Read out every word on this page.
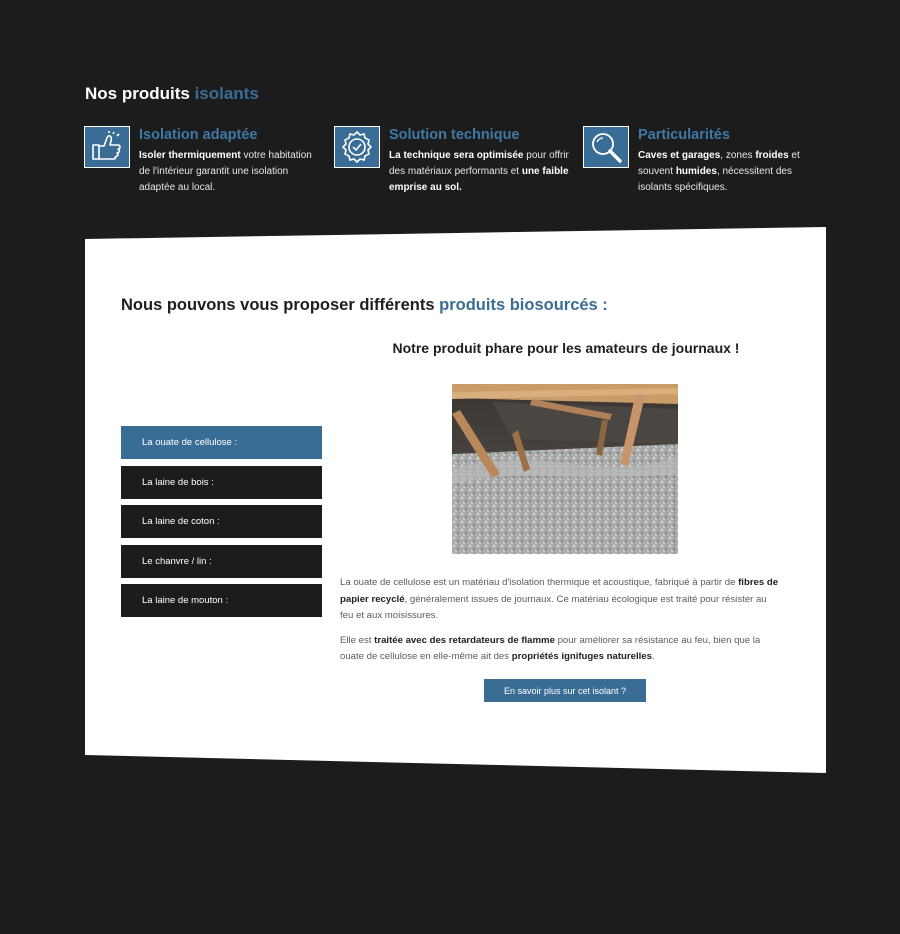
Nos produits isolants
Isolation adaptée
Isoler thermiquement votre habitation de l'intérieur garantit une isolation adaptée au local.
Solution technique
La technique sera optimisée pour offrir des matériaux performants et une faible emprise au sol.
Particularités
Caves et garages, zones froides et souvent humides, nécessitent des isolants spécifiques.
Nous pouvons vous proposer différents produits biosourcés :
La ouate de cellulose :
La laine de bois :
La laine de coton :
Le chanvre / lin :
La laine de mouton :
Notre produit phare pour les amateurs de journaux !

La ouate de cellulose est un matériau d'isolation thermique et acoustique, fabriqué à partir de fibres de papier recyclé, généralement issues de journaux. Ce matériau écologique est traité pour résister au feu et aux moisissures.

Elle est traitée avec des retardateurs de flamme pour améliorer sa résistance au feu, bien que la ouate de cellulose en elle-même ait des propriétés ignifuges naturelles.

En savoir plus sur cet isolant ?
